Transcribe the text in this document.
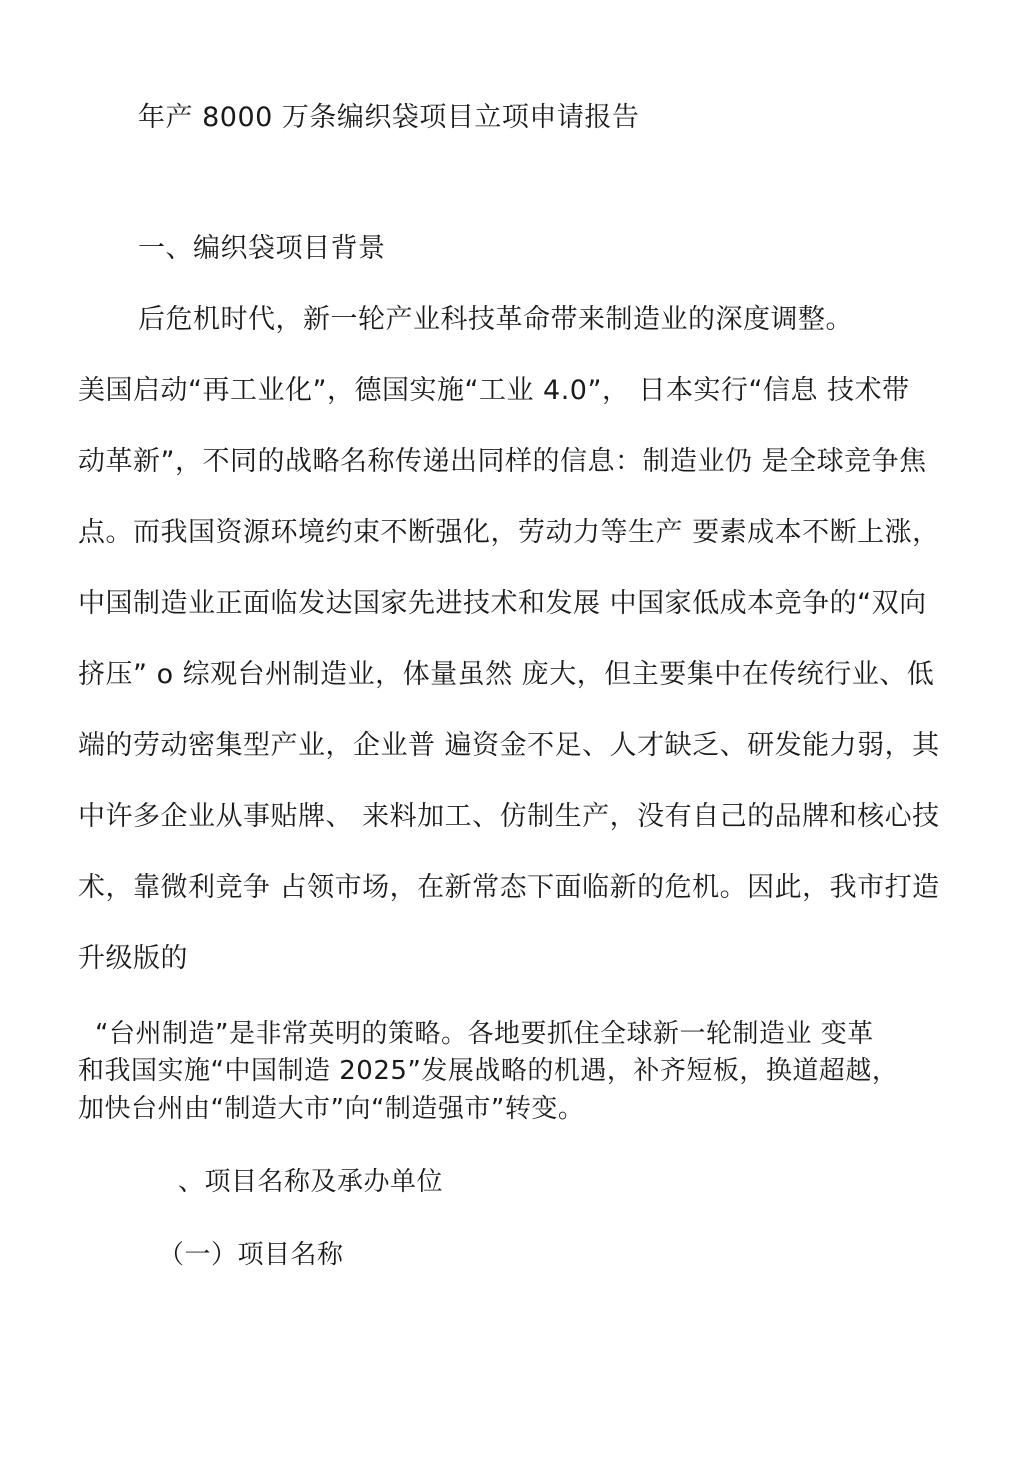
年产 8000 万条编织袋项目立项申请报告
一、编织袋项目背景
后危机时代，新一轮产业科技革命带来制造业的深度调整。
美国启动“再工业化”，德国实施“工业 4.0”， 日本实行“信息 技术带
动革新”，不同的战略名称传递出同样的信息：制造业仍 是全球竞争焦
点。而我国资源环境约束不断强化，劳动力等生产 要素成本不断上涨，
中国制造业正面临发达国家先进技术和发展 中国家低成本竞争的“双向
挤压” o 综观台州制造业，体量虽然 庞大，但主要集中在传统行业、低
端的劳动密集型产业，企业普 遍资金不足、人才缺乏、研发能力弱，其
中许多企业从事贴牌、 来料加工、仿制生产，没有自己的品牌和核心技
术，靠微利竞争 占领市场，在新常态下面临新的危机。因此，我市打造
升级版的
“台州制造”是非常英明的策略。各地要抓住全球新一轮制造业 变革
和我国实施“中国制造 2025”发展战略的机遇，补齐短板，换道超越，
加快台州由“制造大市”向“制造强市”转变。
、项目名称及承办单位
（一）项目名称
